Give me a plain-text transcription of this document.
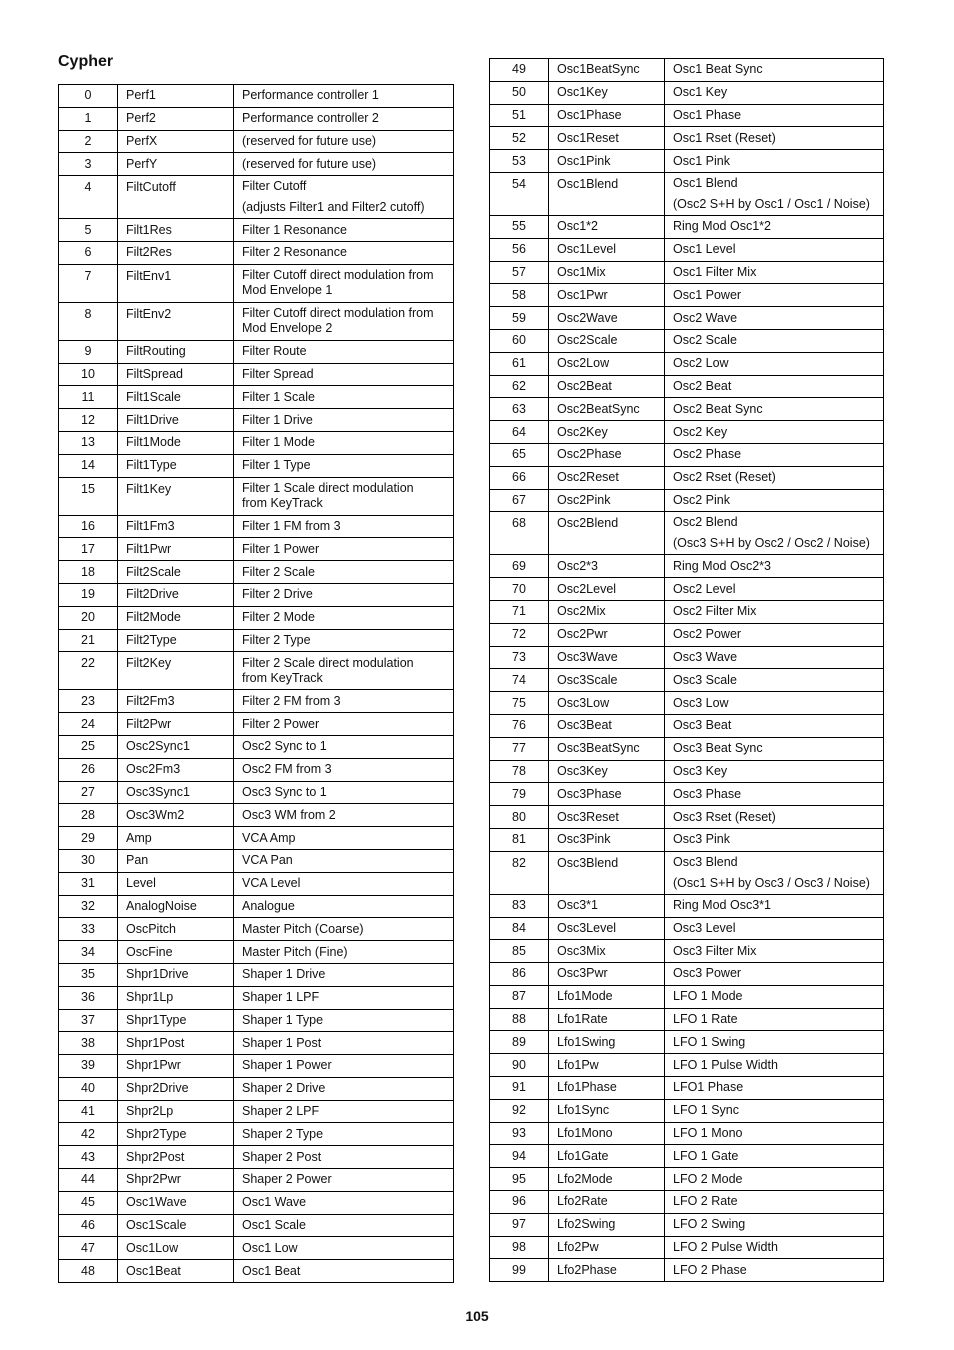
Cypher
0	Perf1	Performance controller 1
1	Perf2	Performance controller 2
2	PerfX	(reserved for future use)
3	PerfY	(reserved for future use)
4	FiltCutoff	Filter Cutoff
(adjusts Filter1 and Filter2 cutoff)

5	Filt1Res	Filter 1 Resonance
6	Filt2Res	Filter 2 Resonance
7	FiltEnv1	Filter Cutoff direct modulation from
Mod Envelope 1

8	FiltEnv2	Filter Cutoff direct modulation from
Mod Envelope 2

9	FiltRouting	Filter Route
10	FiltSpread	Filter Spread
11	Filt1Scale	Filter 1 Scale
12	Filt1Drive	Filter 1 Drive
13	Filt1Mode	Filter 1 Mode
14	Filt1Type	Filter 1 Type
15	Filt1Key	Filter 1 Scale direct modulation
from KeyTrack

16	Filt1Fm3	Filter 1 FM from 3
17	Filt1Pwr	Filter 1 Power
18	Filt2Scale	Filter 2 Scale
19	Filt2Drive	Filter 2 Drive
20	Filt2Mode	Filter 2 Mode
21	Filt2Type	Filter 2 Type
22	Filt2Key	Filter 2 Scale direct modulation
from KeyTrack

23	Filt2Fm3	Filter 2 FM from 3
24	Filt2Pwr	Filter 2 Power
25	Osc2Sync1	Osc2 Sync to 1
26	Osc2Fm3	Osc2 FM from 3
27	Osc3Sync1	Osc3 Sync to 1
28	Osc3Wm2	Osc3 WM from 2
29	Amp	VCA Amp
30	Pan	VCA Pan
31	Level	VCA Level
32	AnalogNoise	Analogue
33	OscPitch	Master Pitch (Coarse)
34	OscFine	Master Pitch (Fine)
35	Shpr1Drive	Shaper 1 Drive
36	Shpr1Lp	Shaper 1 LPF
37	Shpr1Type	Shaper 1 Type
38	Shpr1Post	Shaper 1 Post
39	Shpr1Pwr	Shaper 1 Power
40	Shpr2Drive	Shaper 2 Drive
41	Shpr2Lp	Shaper 2 LPF
42	Shpr2Type	Shaper 2 Type
43	Shpr2Post	Shaper 2 Post
44	Shpr2Pwr	Shaper 2 Power
45	Osc1Wave	Osc1 Wave
46	Osc1Scale	Osc1 Scale
47	Osc1Low	Osc1 Low
48	Osc1Beat	Osc1 Beat
49	Osc1BeatSync	Osc1 Beat Sync
50	Osc1Key	Osc1 Key
51	Osc1Phase	Osc1 Phase
52	Osc1Reset	Osc1 Rset (Reset)
53	Osc1Pink	Osc1 Pink
54	Osc1Blend	Osc1 Blend
(Osc2 S+H by Osc1 / Osc1 / Noise)

55	Osc1*2	Ring Mod Osc1*2
56	Osc1Level	Osc1 Level
57	Osc1Mix	Osc1 Filter Mix
58	Osc1Pwr	Osc1 Power
59	Osc2Wave	Osc2 Wave
60	Osc2Scale	Osc2 Scale
61	Osc2Low	Osc2 Low
62	Osc2Beat	Osc2 Beat
63	Osc2BeatSync	Osc2 Beat Sync
64	Osc2Key	Osc2 Key
65	Osc2Phase	Osc2 Phase
66	Osc2Reset	Osc2 Rset (Reset)
67	Osc2Pink	Osc2 Pink
68	Osc2Blend	Osc2 Blend
(Osc3 S+H by Osc2 / Osc2 / Noise)

69	Osc2*3	Ring Mod Osc2*3
70	Osc2Level	Osc2 Level
71	Osc2Mix	Osc2 Filter Mix
72	Osc2Pwr	Osc2 Power
73	Osc3Wave	Osc3 Wave
74	Osc3Scale	Osc3 Scale
75	Osc3Low	Osc3 Low
76	Osc3Beat	Osc3 Beat
77	Osc3BeatSync	Osc3 Beat Sync
78	Osc3Key	Osc3 Key
79	Osc3Phase	Osc3 Phase
80	Osc3Reset	Osc3 Rset (Reset)
81	Osc3Pink	Osc3 Pink
82	Osc3Blend	Osc3 Blend
(Osc1 S+H by Osc3 / Osc3 / Noise)

83	Osc3*1	Ring Mod Osc3*1
84	Osc3Level	Osc3 Level
85	Osc3Mix	Osc3 Filter Mix
86	Osc3Pwr	Osc3 Power
87	Lfo1Mode	LFO 1 Mode
88	Lfo1Rate	LFO 1 Rate
89	Lfo1Swing	LFO 1 Swing
90	Lfo1Pw	LFO 1 Pulse Width
91	Lfo1Phase	LFO1 Phase
92	Lfo1Sync	LFO 1 Sync
93	Lfo1Mono	LFO 1 Mono
94	Lfo1Gate	LFO 1 Gate
95	Lfo2Mode	LFO 2 Mode
96	Lfo2Rate	LFO 2 Rate
97	Lfo2Swing	LFO 2 Swing
98	Lfo2Pw	LFO 2 Pulse Width
99	Lfo2Phase	LFO 2 Phase
105
